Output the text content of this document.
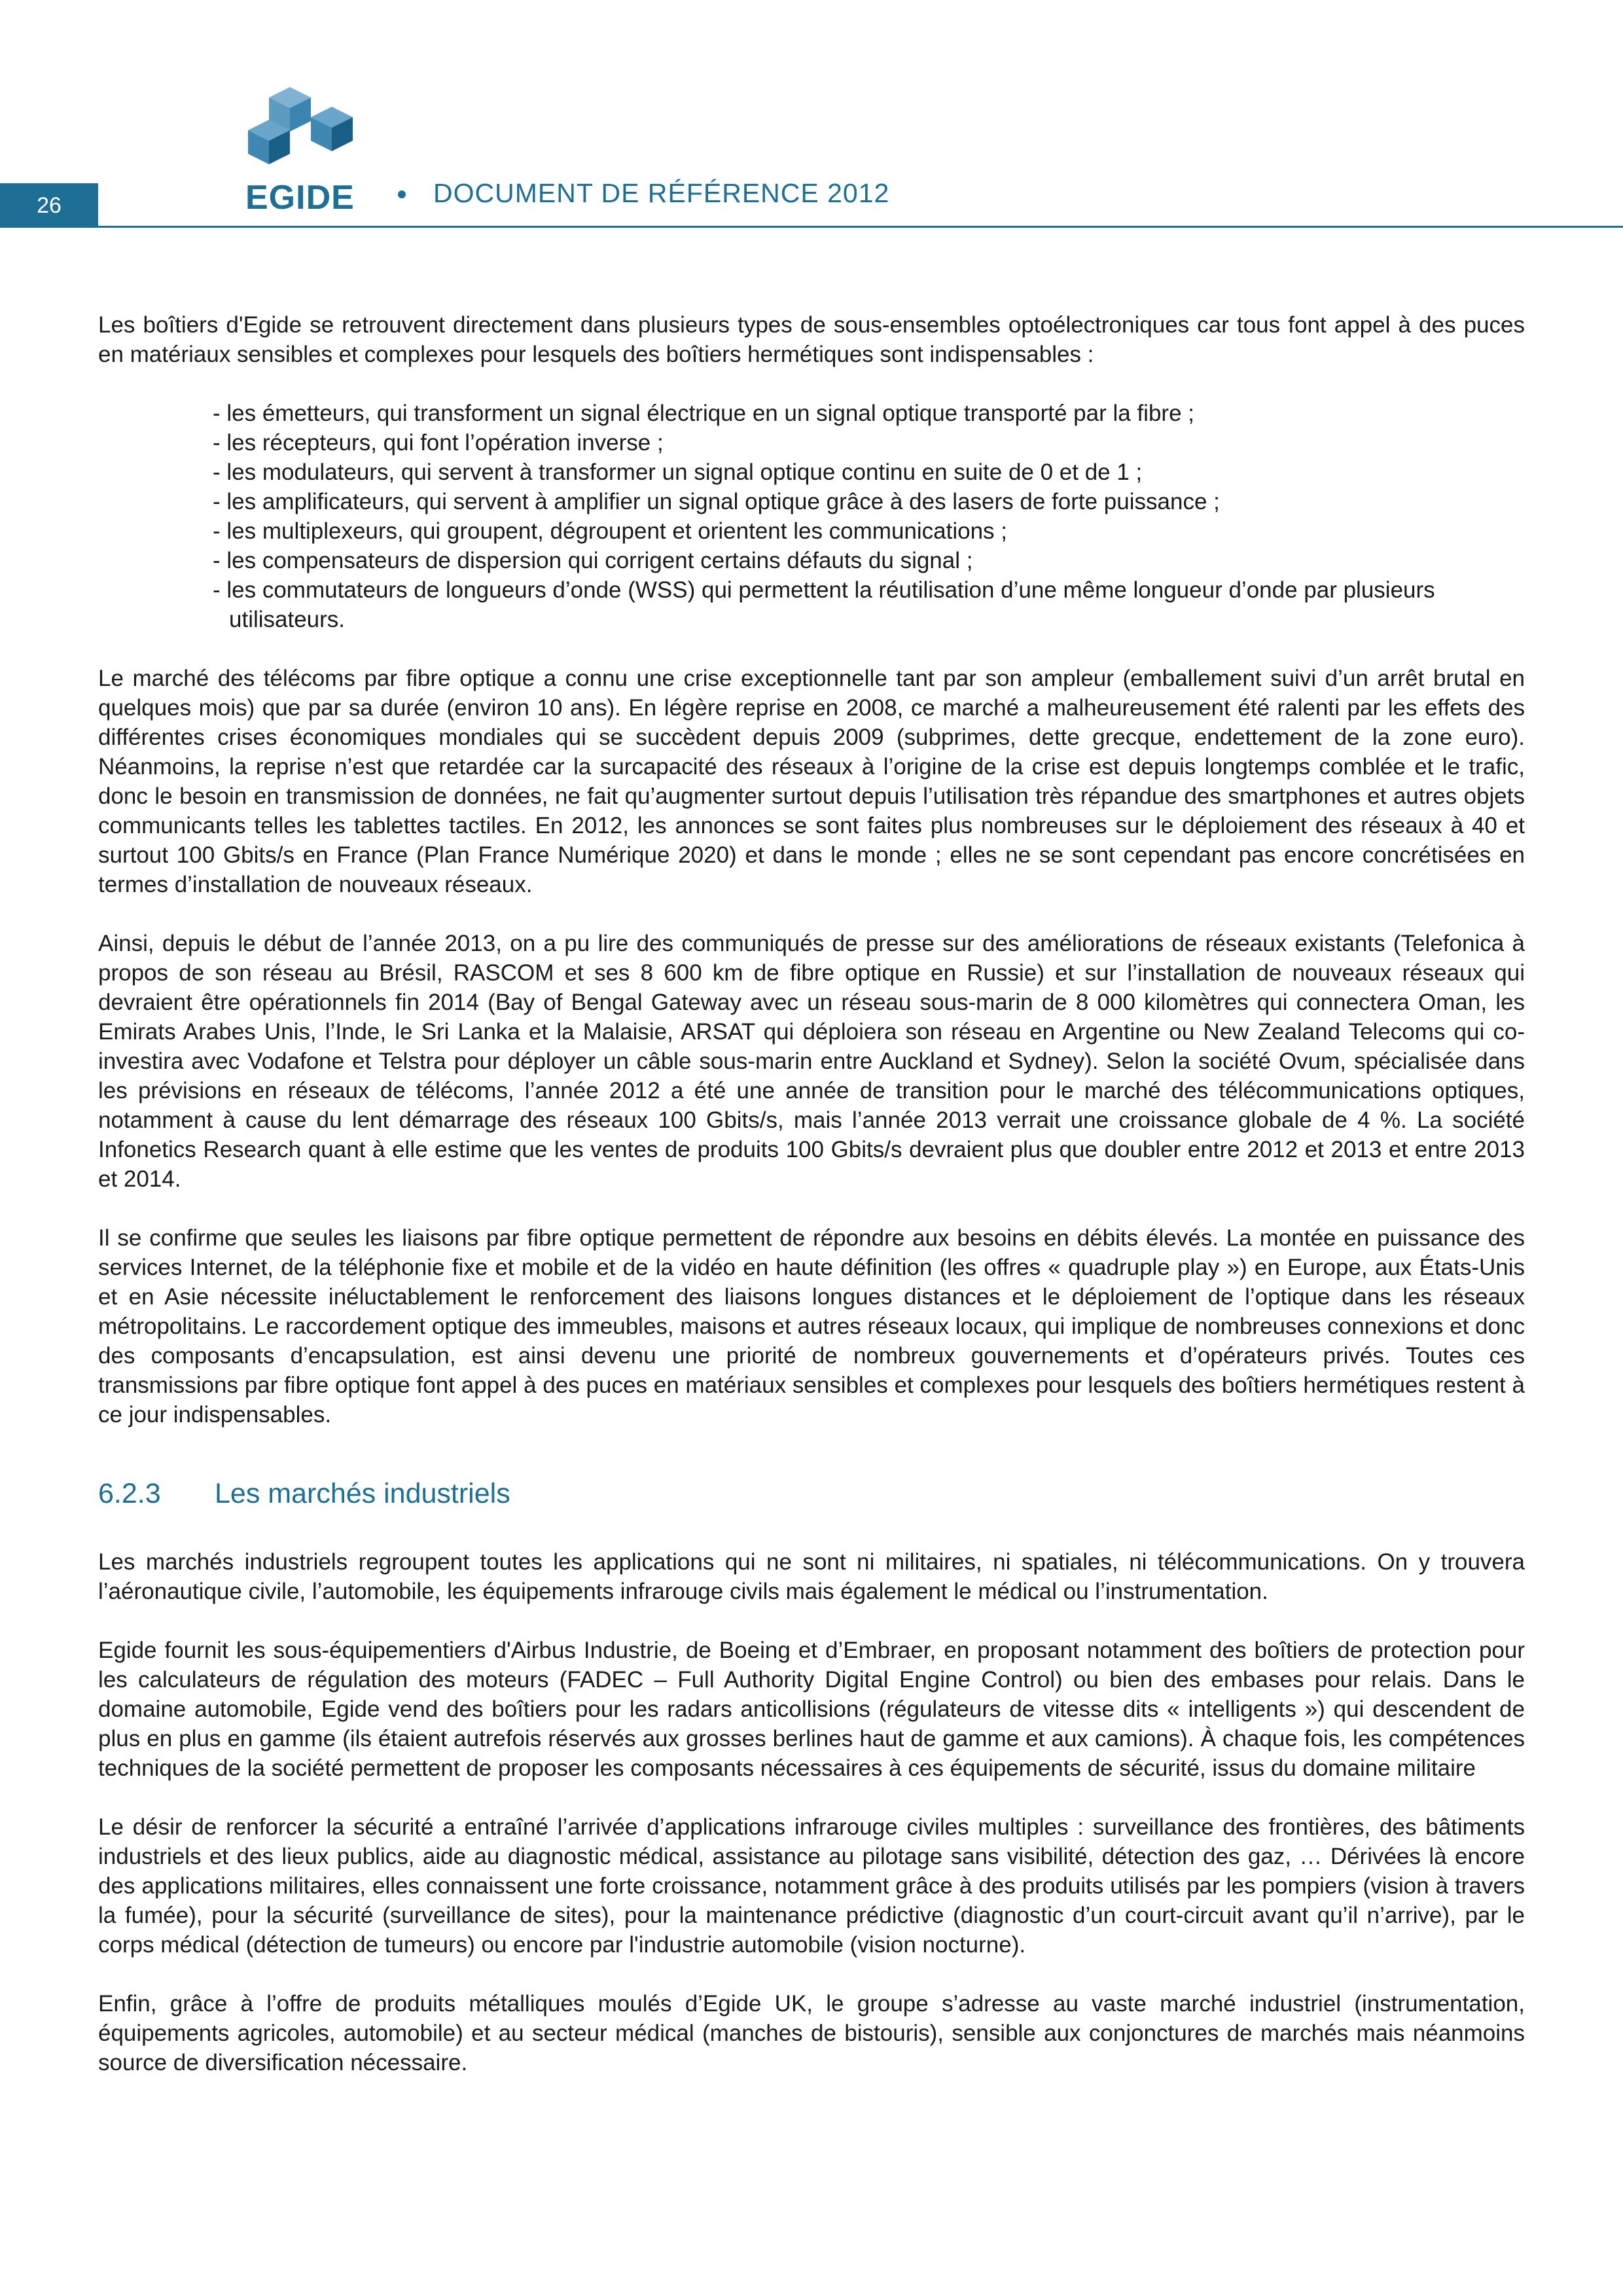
26	EGIDE	DOCUMENT DE RÉFÉRENCE 2012

Les boîtiers d'Egide se retrouvent directement dans plusieurs types de sous-ensembles optoélectroniques car tous font appel à des puces en matériaux sensibles et complexes pour lesquels des boîtiers hermétiques sont indispensables :

- les émetteurs, qui transforment un signal électrique en un signal optique transporté par la fibre ;
- les récepteurs, qui font l’opération inverse ;
- les modulateurs, qui servent à transformer un signal optique continu en suite de 0 et de 1 ;
- les amplificateurs, qui servent à amplifier un signal optique grâce à des lasers de forte puissance ;
- les multiplexeurs, qui groupent, dégroupent et orientent les communications ;
- les compensateurs de dispersion qui corrigent certains défauts du signal ;
- les commutateurs de longueurs d’onde (WSS) qui permettent la réutilisation d’une même longueur d’onde par plusieurs utilisateurs.

Le marché des télécoms par fibre optique a connu une crise exceptionnelle tant par son ampleur (emballement suivi d’un arrêt brutal en quelques mois) que par sa durée (environ 10 ans). En légère reprise en 2008, ce marché a malheureusement été ralenti par les effets des différentes crises économiques mondiales qui se succèdent depuis 2009 (subprimes, dette grecque, endettement de la zone euro). Néanmoins, la reprise n’est que retardée car la surcapacité des réseaux à l’origine de la crise est depuis longtemps comblée et le trafic, donc le besoin en transmission de données, ne fait qu’augmenter surtout depuis l’utilisation très répandue des smartphones et autres objets communicants telles les tablettes tactiles. En 2012, les annonces se sont faites plus nombreuses sur le déploiement des réseaux à 40 et surtout 100 Gbits/s en France (Plan France Numérique 2020) et dans le monde ; elles ne se sont cependant pas encore concrétisées en termes d’installation de nouveaux réseaux.

Ainsi, depuis le début de l’année 2013, on a pu lire des communiqués de presse sur des améliorations de réseaux existants (Telefonica à propos de son réseau au Brésil, RASCOM et ses 8 600 km de fibre optique en Russie) et sur l’installation de nouveaux réseaux qui devraient être opérationnels fin 2014 (Bay of Bengal Gateway avec un réseau sous-marin de 8 000 kilomètres qui connectera Oman, les Emirats Arabes Unis, l’Inde, le Sri Lanka et la Malaisie, ARSAT qui déploiera son réseau en Argentine ou New Zealand Telecoms qui co-investira avec Vodafone et Telstra pour déployer un câble sous-marin entre Auckland et Sydney). Selon la société Ovum, spécialisée dans les prévisions en réseaux de télécoms, l’année 2012 a été une année de transition pour le marché des télécommunications optiques, notamment à cause du lent démarrage des réseaux 100 Gbits/s, mais l’année 2013 verrait une croissance globale de 4 %. La société Infonetics Research quant à elle estime que les ventes de produits 100 Gbits/s devraient plus que doubler entre 2012 et 2013 et entre 2013 et 2014.

Il se confirme que seules les liaisons par fibre optique permettent de répondre aux besoins en débits élevés. La montée en puissance des services Internet, de la téléphonie fixe et mobile et de la vidéo en haute définition (les offres « quadruple play ») en Europe, aux États-Unis et en Asie nécessite inéluctablement le renforcement des liaisons longues distances et le déploiement de l’optique dans les réseaux métropolitains. Le raccordement optique des immeubles, maisons et autres réseaux locaux, qui implique de nombreuses connexions et donc des composants d’encapsulation, est ainsi devenu une priorité de nombreux gouvernements et d’opérateurs privés. Toutes ces transmissions par fibre optique font appel à des puces en matériaux sensibles et complexes pour lesquels des boîtiers hermétiques restent à ce jour indispensables.

6.2.3	Les marchés industriels

Les marchés industriels regroupent toutes les applications qui ne sont ni militaires, ni spatiales, ni télécommunications. On y trouvera l’aéronautique civile, l’automobile, les équipements infrarouge civils mais également le médical ou l’instrumentation.

Egide fournit les sous-équipementiers d'Airbus Industrie, de Boeing et d’Embraer, en proposant notamment des boîtiers de protection pour les calculateurs de régulation des moteurs (FADEC – Full Authority Digital Engine Control) ou bien des embases pour relais. Dans le domaine automobile, Egide vend des boîtiers pour les radars anticollisions (régulateurs de vitesse dits « intelligents ») qui descendent de plus en plus en gamme (ils étaient autrefois réservés aux grosses berlines haut de gamme et aux camions). À chaque fois, les compétences techniques de la société permettent de proposer les composants nécessaires à ces équipements de sécurité, issus du domaine militaire

Le désir de renforcer la sécurité a entraîné l’arrivée d’applications infrarouge civiles multiples : surveillance des frontières, des bâtiments industriels et des lieux publics, aide au diagnostic médical, assistance au pilotage sans visibilité, détection des gaz, … Dérivées là encore des applications militaires, elles connaissent une forte croissance, notamment grâce à des produits utilisés par les pompiers (vision à travers la fumée), pour la sécurité (surveillance de sites), pour la maintenance prédictive (diagnostic d’un court-circuit avant qu’il n’arrive), par le corps médical (détection de tumeurs) ou encore par l'industrie automobile (vision nocturne).

Enfin, grâce à l’offre de produits métalliques moulés d’Egide UK, le groupe s’adresse au vaste marché industriel (instrumentation, équipements agricoles, automobile) et au secteur médical (manches de bistouris), sensible aux conjonctures de marchés mais néanmoins source de diversification nécessaire.
